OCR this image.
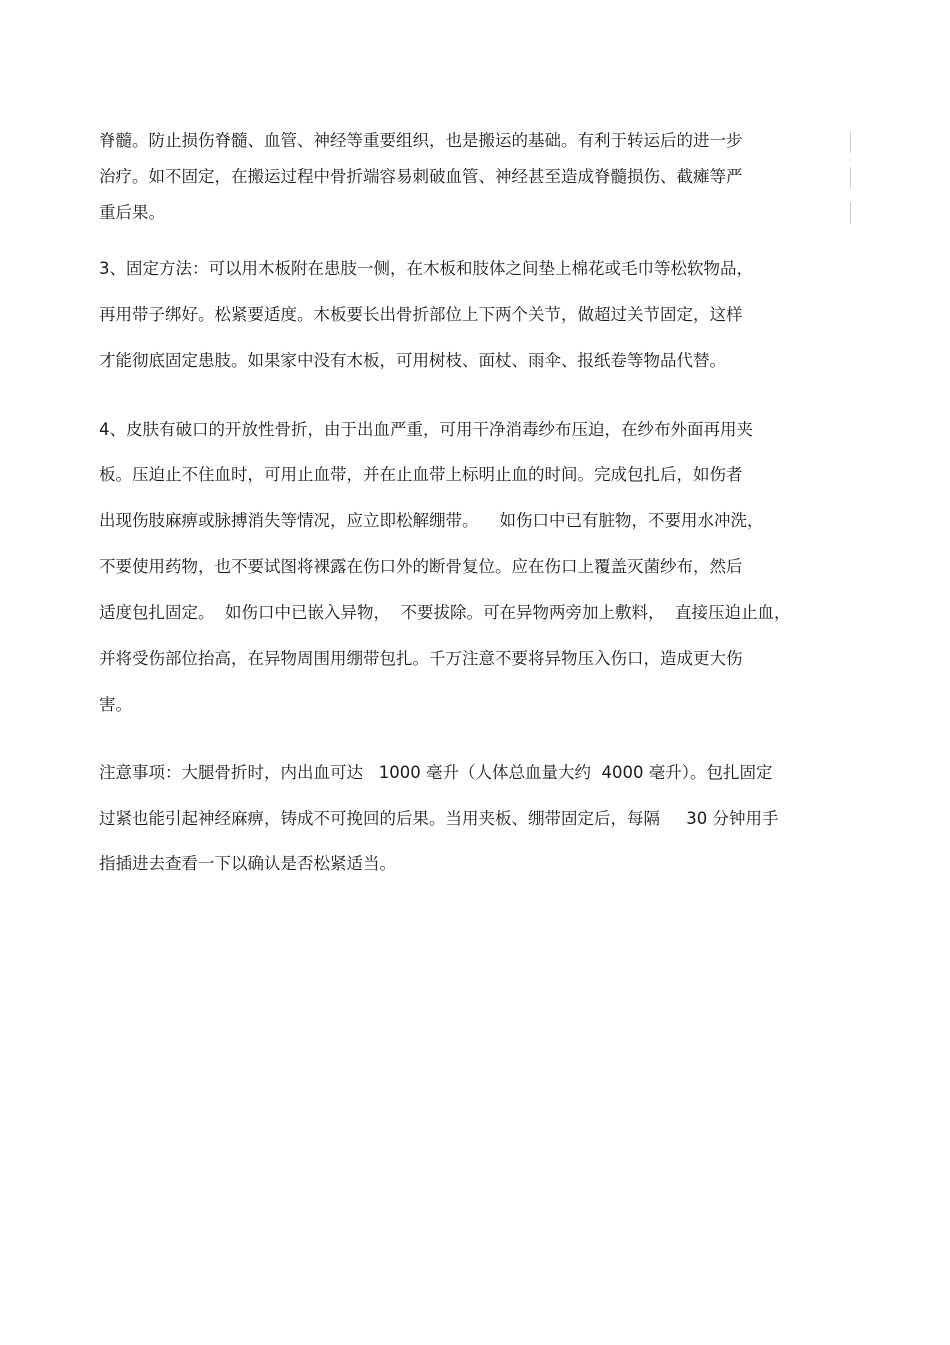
脊髓。防止损伤脊髓、血管、神经等重要组织，也是搬运的基础。有利于转运后的进一步
治疗。如不固定，在搬运过程中骨折端容易刺破血管、神经甚至造成脊髓损伤、截瘫等严
重后果。
3、固定方法：可以用木板附在患肢一侧，在木板和肢体之间垫上棉花或毛巾等松软物品，
再用带子绑好。松紧要适度。木板要长出骨折部位上下两个关节，做超过关节固定，这样
才能彻底固定患肢。如果家中没有木板，可用树枝、面杖、雨伞、报纸卷等物品代替。
4、皮肤有破口的开放性骨折，由于出血严重，可用干净消毒纱布压迫，在纱布外面再用夹
板。压迫止不住血时，可用止血带，并在止血带上标明止血的时间。完成包扎后，如伤者
出现伤肢麻痹或脉搏消失等情况，应立即松解绷带。    如伤口中已有脏物，不要用水冲洗，
不要使用药物，也不要试图将裸露在伤口外的断骨复位。应在伤口上覆盖灭菌纱布，然后
适度包扎固定。  如伤口中已嵌入异物，  不要拔除。可在异物两旁加上敷料，  直接压迫止血，
并将受伤部位抬高，在异物周围用绷带包扎。千万注意不要将异物压入伤口，造成更大伤
害。
注意事项：大腿骨折时，内出血可达   1000 毫升（人体总血量大约  4000 毫升）。包扎固定
过紧也能引起神经麻痹，铸成不可挽回的后果。当用夹板、绷带固定后，每隔     30 分钟用手
指插进去查看一下以确认是否松紧适当。
